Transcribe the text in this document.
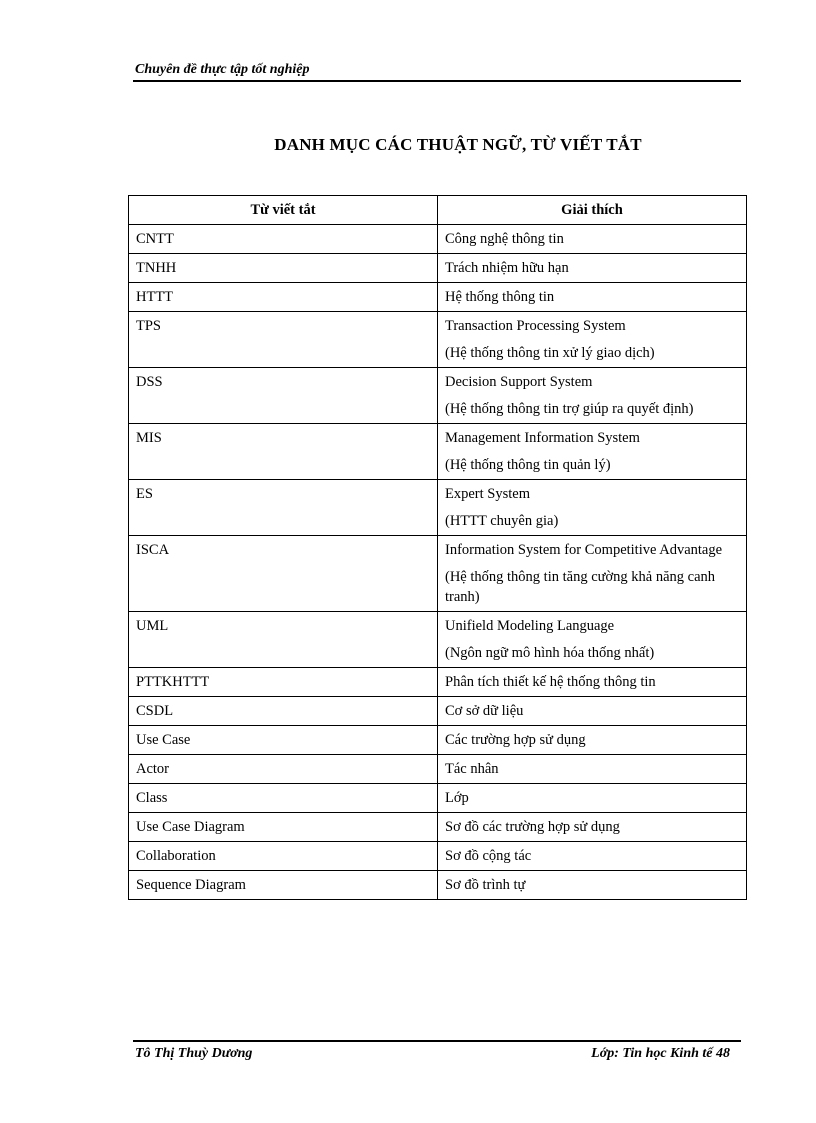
Chuyên đề thực tập tốt nghiệp
DANH MỤC CÁC THUẬT NGỮ, TỪ VIẾT TẮT
Từ viết tắt	Giải thích
CNTT	Công nghệ thông tin

TNHH	Trách nhiệm hữu hạn

HTTT	Hệ thống thông tin

TPS	Transaction Processing System
(Hệ thống thông tin xử lý giao dịch)

DSS	Decision Support System
(Hệ thống thông tin trợ giúp ra quyết định)

MIS	Management Information System
(Hệ thống thông tin quản lý)

ES	Expert System
(HTTT chuyên gia)

ISCA	Information System for Competitive Advantage
(Hệ thống thông tin tăng cường khả năng canh tranh)

UML	Unifield Modeling Language
(Ngôn ngữ mô hình hóa thống nhất)

PTTKHTTT	Phân tích thiết kế hệ thống thông tin

CSDL	Cơ sở dữ liệu

Use Case	Các trường hợp sử dụng

Actor	Tác nhân

Class	Lớp

Use Case Diagram	Sơ đồ các trường hợp sử dụng

Collaboration	Sơ đồ cộng tác

Sequence Diagram	Sơ đồ trình tự
Tô Thị Thuỳ Dương	Lớp: Tin học Kinh tế 48
